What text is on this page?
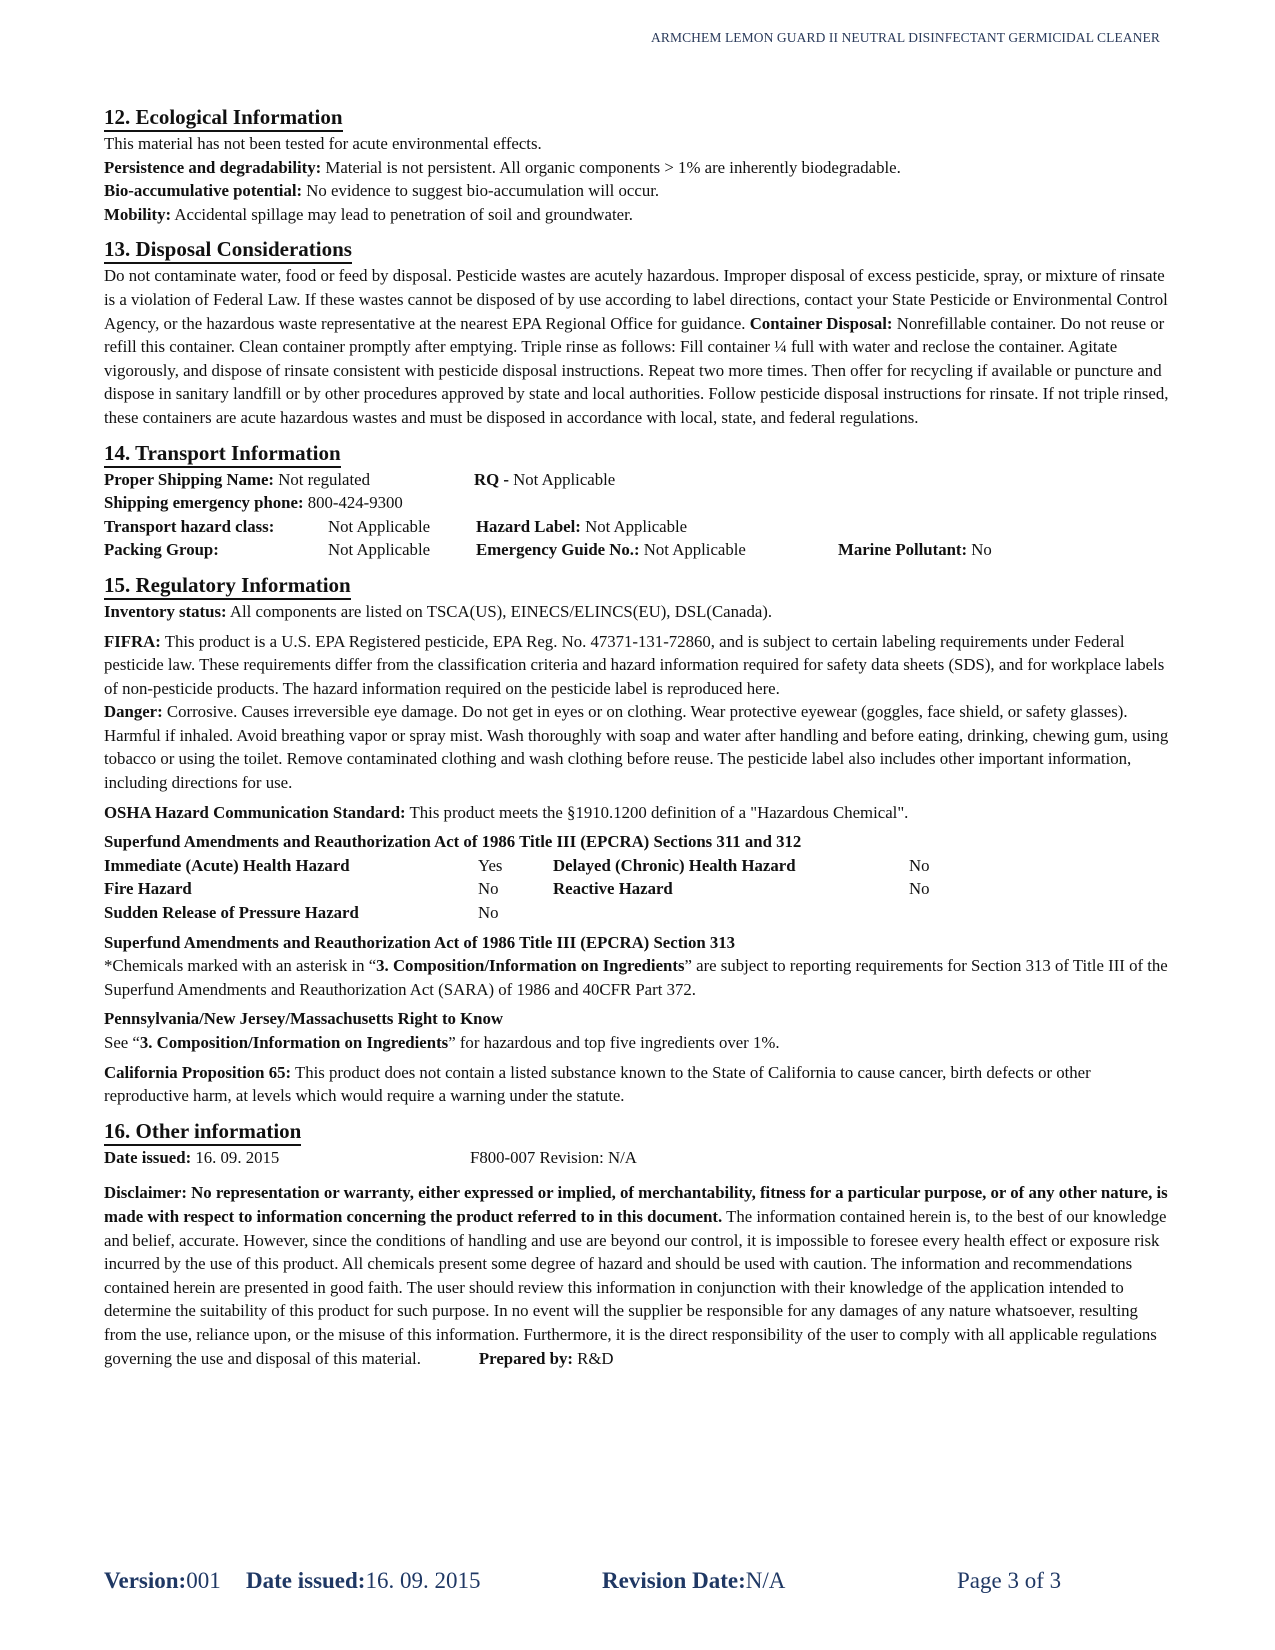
ARMCHEM LEMON GUARD II NEUTRAL DISINFECTANT GERMICIDAL CLEANER
12. Ecological Information

This material has not been tested for acute environmental effects.

Persistence and degradability: Material is not persistent. All organic components > 1% are inherently biodegradable.

Bio-accumulative potential: No evidence to suggest bio-accumulation will occur.

Mobility: Accidental spillage may lead to penetration of soil and groundwater.

13. Disposal Considerations

Do not contaminate water, food or feed by disposal. Pesticide wastes are acutely hazardous. Improper disposal of excess pesticide, spray, or mixture of rinsate is a violation of Federal Law. If these wastes cannot be disposed of by use according to label directions, contact your State Pesticide or Environmental Control Agency, or the hazardous waste representative at the nearest EPA Regional Office for guidance. Container Disposal: Nonrefillable container. Do not reuse or refill this container. Clean container promptly after emptying. Triple rinse as follows: Fill container ¼ full with water and reclose the container. Agitate vigorously, and dispose of rinsate consistent with pesticide disposal instructions. Repeat two more times. Then offer for recycling if available or puncture and dispose in sanitary landfill or by other procedures approved by state and local authorities. Follow pesticide disposal instructions for rinsate. If not triple rinsed, these containers are acute hazardous wastes and must be disposed in accordance with local, state, and federal regulations.

14. Transport Information
Proper Shipping Name: Not regulated	RQ - Not Applicable
Shipping emergency phone: 800-424-9300
Transport hazard class:	Not Applicable	Hazard Label: Not Applicable
Packing Group:	Not Applicable	Emergency Guide No.: Not Applicable	Marine Pollutant: No
15. Regulatory Information

Inventory status: All components are listed on TSCA(US), EINECS/ELINCS(EU), DSL(Canada).

FIFRA: This product is a U.S. EPA Registered pesticide, EPA Reg. No. 47371-131-72860, and is subject to certain labeling requirements under Federal pesticide law. These requirements differ from the classification criteria and hazard information required for safety data sheets (SDS), and for workplace labels of non-pesticide products. The hazard information required on the pesticide label is reproduced here.

Danger: Corrosive. Causes irreversible eye damage. Do not get in eyes or on clothing. Wear protective eyewear (goggles, face shield, or safety glasses). Harmful if inhaled. Avoid breathing vapor or spray mist. Wash thoroughly with soap and water after handling and before eating, drinking, chewing gum, using tobacco or using the toilet. Remove contaminated clothing and wash clothing before reuse. The pesticide label also includes other important information, including directions for use.

OSHA Hazard Communication Standard: This product meets the §1910.1200 definition of a "Hazardous Chemical".

Superfund Amendments and Reauthorization Act of 1986 Title III (EPCRA) Sections 311 and 312

Immediate (Acute) Health Hazard	Yes	Delayed (Chronic) Health Hazard	No
Fire Hazard	No	Reactive Hazard	No
Sudden Release of Pressure Hazard	No

Superfund Amendments and Reauthorization Act of 1986 Title III (EPCRA) Section 313

*Chemicals marked with an asterisk in “3. Composition/Information on Ingredients” are subject to reporting requirements for Section 313 of Title III of the Superfund Amendments and Reauthorization Act (SARA) of 1986 and 40CFR Part 372.

Pennsylvania/New Jersey/Massachusetts Right to Know

See “3. Composition/Information on Ingredients” for hazardous and top five ingredients over 1%.

California Proposition 65: This product does not contain a listed substance known to the State of California to cause cancer, birth defects or other reproductive harm, at levels which would require a warning under the statute.

16. Other information
Date issued: 16. 09. 2015	F800-007 Revision: N/A

Disclaimer: No representation or warranty, either expressed or implied, of merchantability, fitness for a particular purpose, or of any other nature, is made with respect to information concerning the product referred to in this document. The information contained herein is, to the best of our knowledge and belief, accurate. However, since the conditions of handling and use are beyond our control, it is impossible to foresee every health effect or exposure risk incurred by the use of this product. All chemicals present some degree of hazard and should be used with caution. The information and recommendations contained herein are presented in good faith. The user should review this information in conjunction with their knowledge of the application intended to determine the suitability of this product for such purpose. In no event will the supplier be responsible for any damages of any nature whatsoever, resulting from the use, reliance upon, or the misuse of this information. Furthermore, it is the direct responsibility of the user to comply with all applicable regulations governing the use and disposal of this material.	Prepared by: R&D

Version: 001 Date issued: 16. 09. 2015	Revision Date: N/A	Page 3 of 3
